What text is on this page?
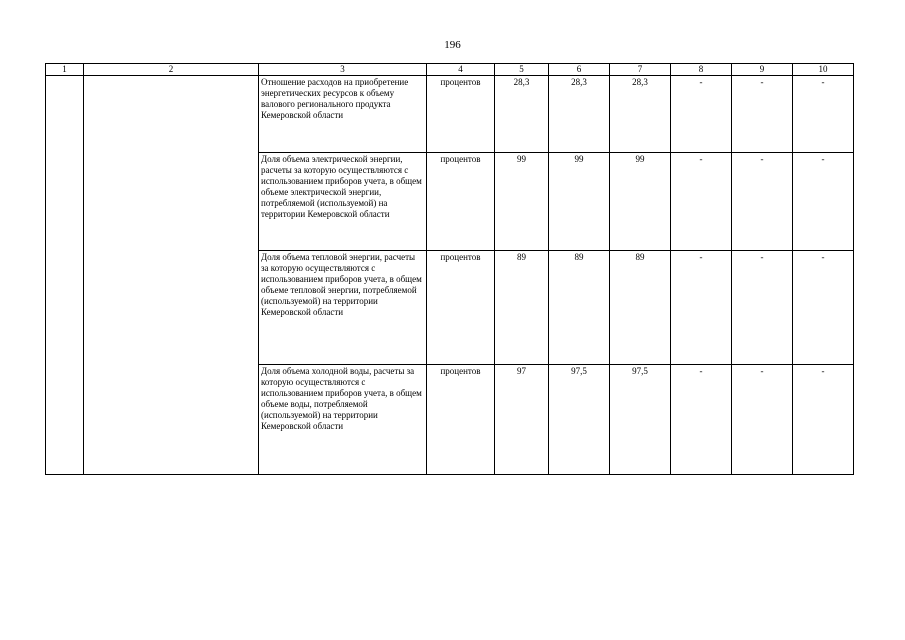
196
1	2	3	4	5	6	7	8	9	10
		Отношение расходов на приобретение энергетических ресурсов к объему валового регионального продукта Кемеровской области	процентов	28,3	28,3	28,3	-	-	-
		Доля объема электрической энергии, расчеты за которую осуществляются с использованием приборов учета, в общем объеме электрической энергии, потребляемой (используемой) на территории Кемеровской области	процентов	99	99	99	-	-	-
		Доля объема тепловой энергии, расчеты за которую осуществляются с использованием приборов учета, в общем объеме тепловой энергии, потребляемой (используемой) на территории Кемеровской области	процентов	89	89	89	-	-	-
		Доля объема холодной воды, расчеты за которую осуществляются с использованием приборов учета, в общем объеме воды, потребляемой (используемой) на территории Кемеровской области	процентов	97	97,5	97,5	-	-	-
